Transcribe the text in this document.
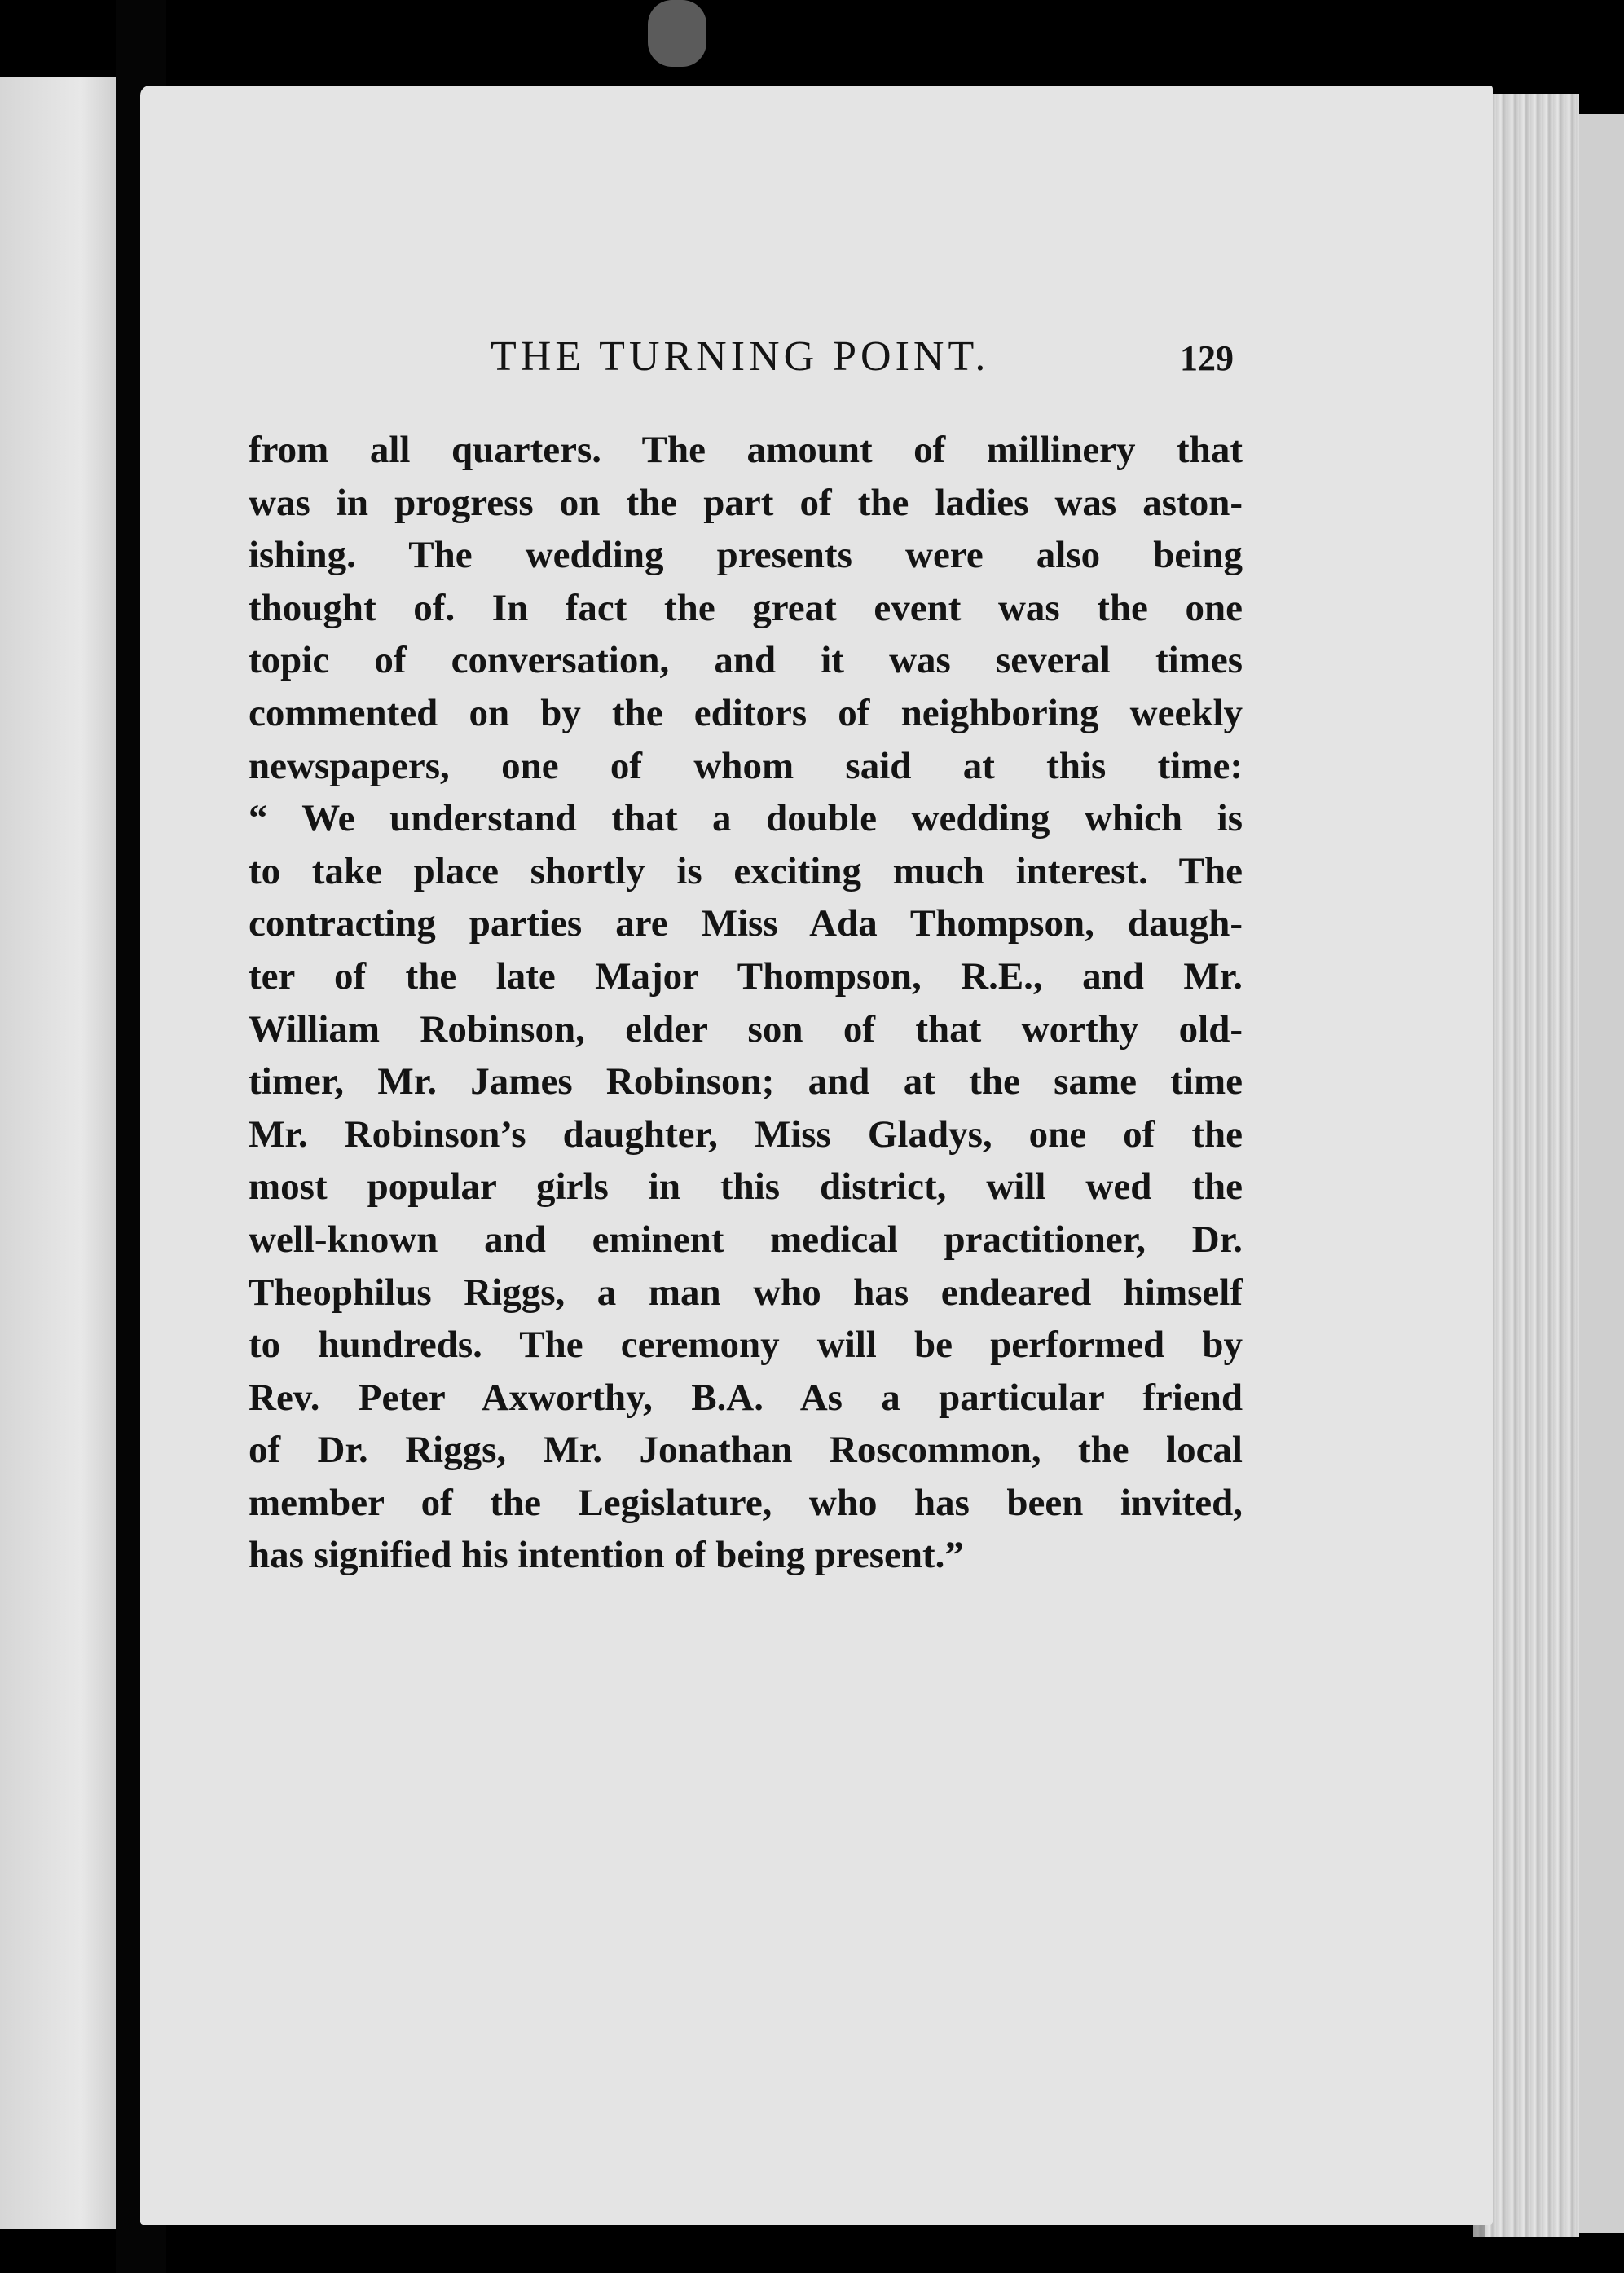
THE TURNING POINT.	129
from all quarters. The amount of millinery that
was in progress on the part of the ladies was aston-
ishing. The wedding presents were also being
thought of. In fact the great event was the one
topic of conversation, and it was several times
commented on by the editors of neighboring weekly
newspapers, one of whom said at this time:
“ We understand that a double wedding which is
to take place shortly is exciting much interest. The
contracting parties are Miss Ada Thompson, daugh-
ter of the late Major Thompson, R.E., and Mr.
William Robinson, elder son of that worthy old-
timer, Mr. James Robinson; and at the same time
Mr. Robinson’s daughter, Miss Gladys, one of the
most popular girls in this district, will wed the
well-known and eminent medical practitioner, Dr.
Theophilus Riggs, a man who has endeared himself
to hundreds. The ceremony will be performed by
Rev. Peter Axworthy, B.A. As a particular friend
of Dr. Riggs, Mr. Jonathan Roscommon, the local
member of the Legislature, who has been invited,
has signified his intention of being present.”
